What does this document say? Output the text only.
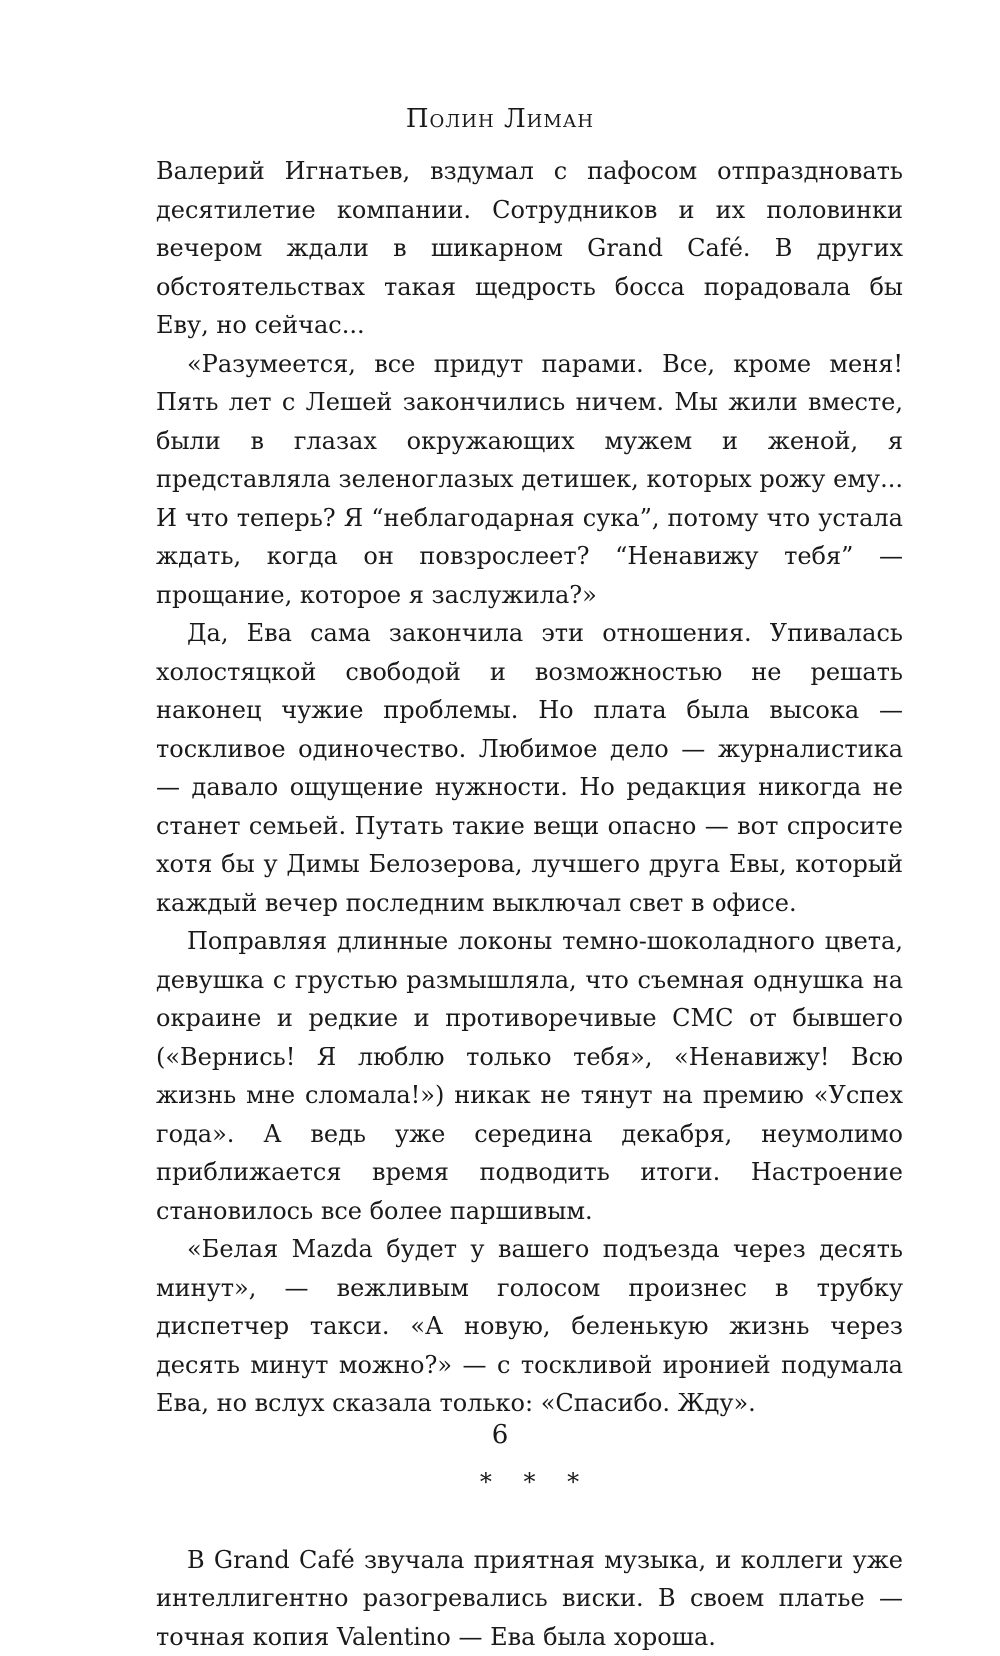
Полин Лиман

Валерий Игнатьев, вздумал с пафосом отпраздновать десятилетие компании. Сотрудников и их половинки вечером ждали в шикарном Grand Café. В других обстоятельствах такая щедрость босса порадовала бы Еву, но сейчас...

«Разумеется, все придут парами. Все, кроме меня! Пять лет с Лешей закончились ничем. Мы жили вместе, были в глазах окружающих мужем и женой, я представляла зеленоглазых детишек, которых рожу ему... И что теперь? Я “неблагодарная сука”, потому что устала ждать, когда он повзрослеет? “Ненавижу тебя” — прощание, которое я заслужила?»

Да, Ева сама закончила эти отношения. Упивалась холостяцкой свободой и возможностью не решать наконец чужие проблемы. Но плата была высока — тоскливое одиночество. Любимое дело — журналистика — давало ощущение нужности. Но редакция никогда не станет семьей. Путать такие вещи опасно — вот спросите хотя бы у Димы Белозерова, лучшего друга Евы, который каждый вечер последним выключал свет в офисе.

Поправляя длинные локоны темно-шоколадного цвета, девушка с грустью размышляла, что съемная однушка на окраине и редкие и противоречивые СМС от бывшего («Вернись! Я люблю только тебя», «Ненавижу! Всю жизнь мне сломала!») никак не тянут на премию «Успех года». А ведь уже середина декабря, неумолимо приближается время подводить итоги. Настроение становилось все более паршивым.

«Белая Mazda будет у вашего подъезда через десять минут», — вежливым голосом произнес в трубку диспетчер такси. «А новую, беленькую жизнь через десять минут можно?» — с тоскливой иронией подумала Ева, но вслух сказала только: «Спасибо. Жду».

* * *

В Grand Café звучала приятная музыка, и коллеги уже интеллигентно разогревались виски. В своем платье — точная копия Valentino — Ева была хороша.

6
